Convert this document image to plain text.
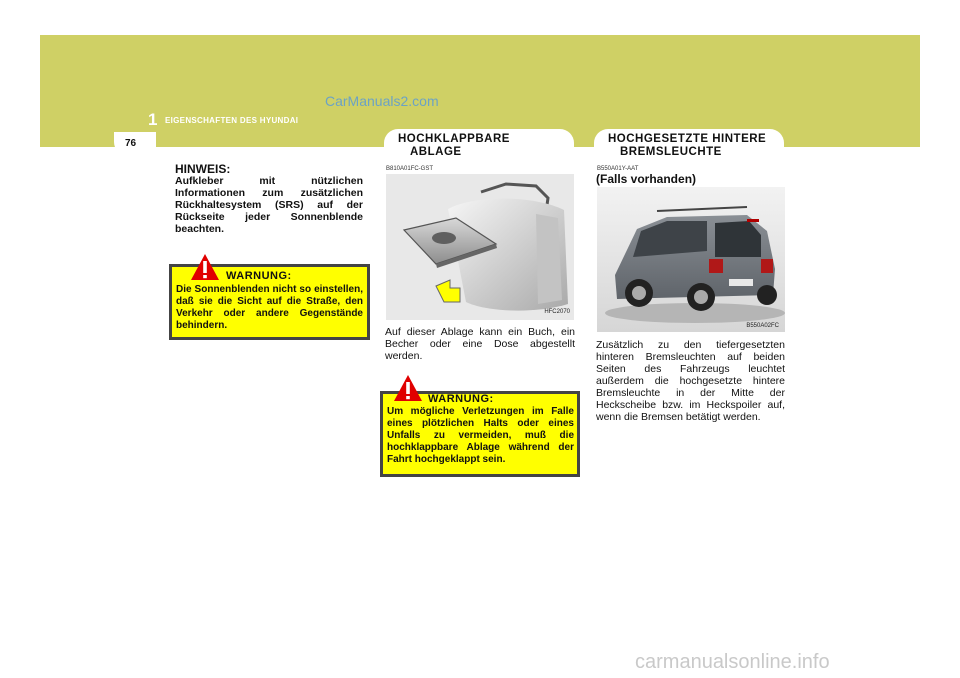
1 EIGENSCHAFTEN DES HYUNDAI
CarManuals2.com
76
HINWEIS:
Aufkleber mit nützlichen Informationen zum zusätzlichen Rückhaltesystem (SRS) auf der Rückseite jeder Sonnenblende beachten.
WARNUNG:
Die Sonnenblenden nicht so einstellen, daß sie die Sicht auf die Straße, den Verkehr oder andere Gegenstände behindern.
HOCHKLAPPBARE
ABLAGE
B810A01FC-GST
HFC2070
Auf dieser Ablage kann ein Buch, ein Becher oder eine Dose abgestellt werden.
WARNUNG:
Um mögliche Verletzungen im Falle eines plötzlichen Halts oder eines Unfalls zu vermeiden, muß die hochklappbare Ablage während der Fahrt hochgeklappt sein.
HOCHGESETZTE HINTERE
BREMSLEUCHTE
B550A01Y-AAT
(Falls vorhanden)
B550A02FC
Zusätzlich zu den tiefergesetzten hinteren Bremsleuchten auf beiden Seiten des Fahrzeugs leuchtet außerdem die hochgesetzte hintere Bremsleuchte in der Mitte der Heckscheibe bzw. im Heckspoiler auf, wenn die Bremsen betätigt werden.
carmanualsonline.info
